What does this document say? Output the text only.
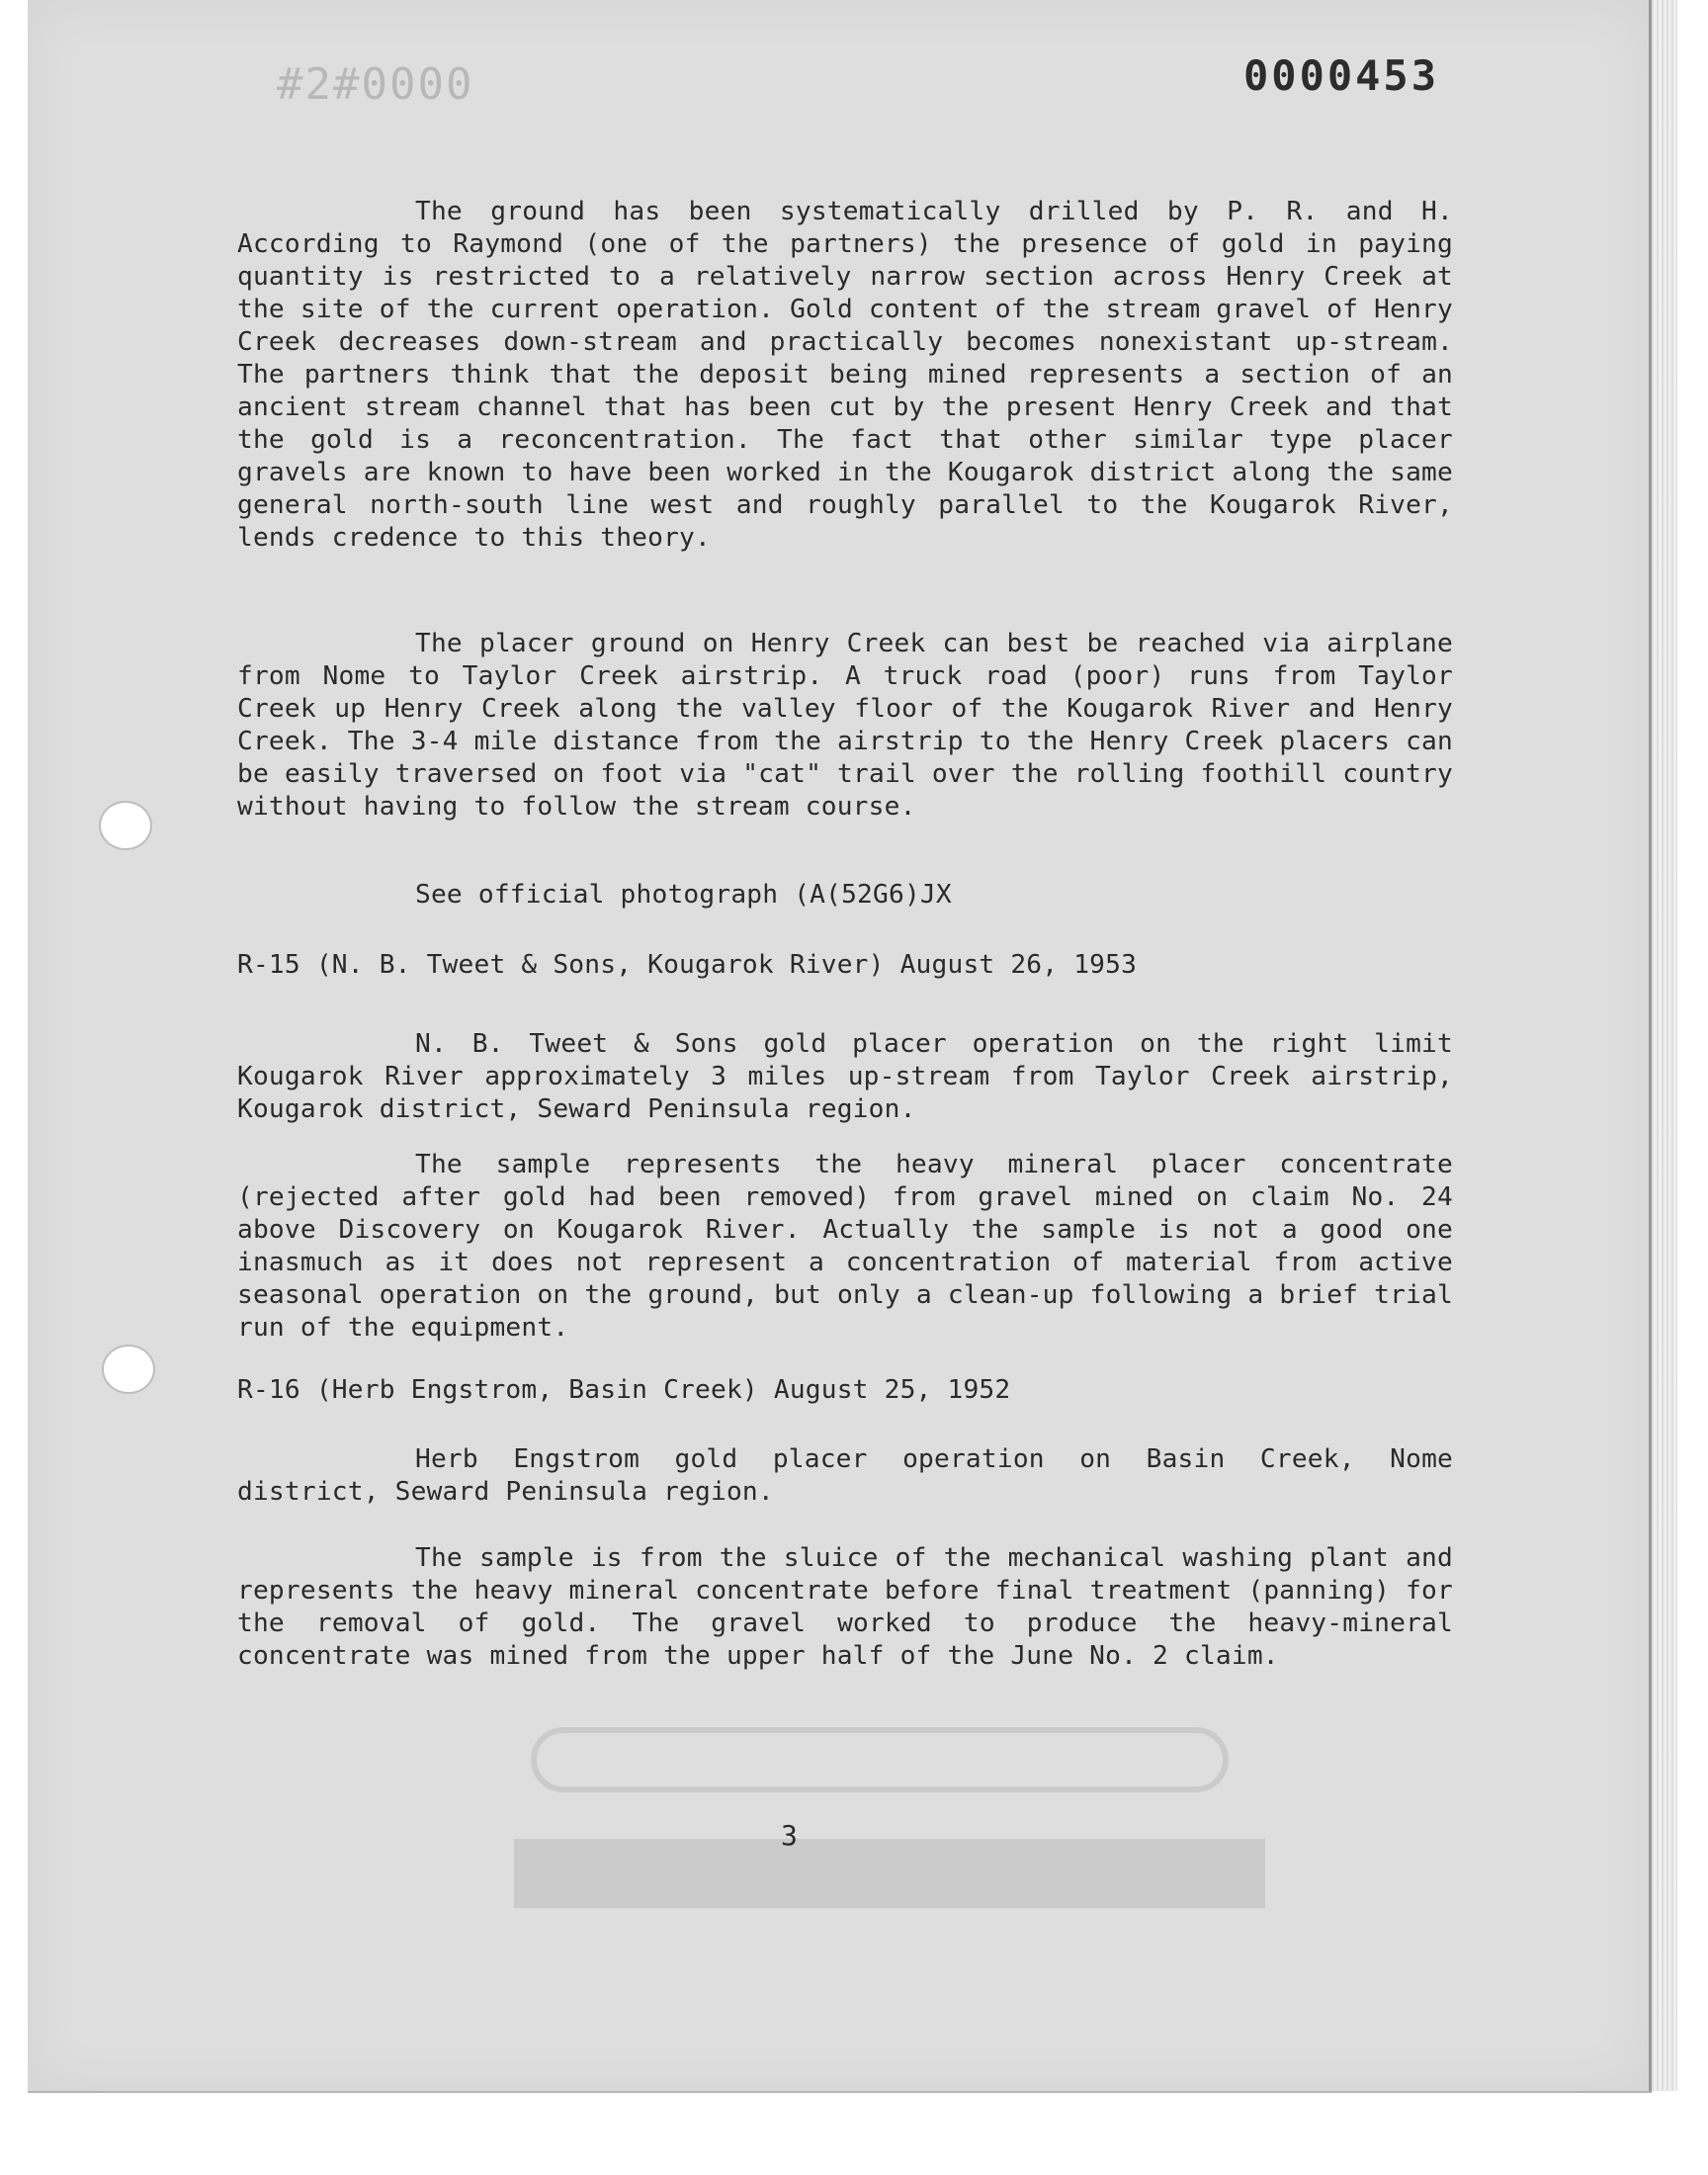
#2#0000	0000453

The ground has been systematically drilled by P. R. and H. According to Raymond (one of the partners) the presence of gold in paying quantity is restricted to a relatively narrow section across Henry Creek at the site of the current operation. Gold content of the stream gravel of Henry Creek decreases down-stream and practically becomes nonexistant up-stream. The partners think that the deposit being mined represents a section of an ancient stream channel that has been cut by the present Henry Creek and that the gold is a reconcentration. The fact that other similar type placer gravels are known to have been worked in the Kougarok district along the same general north-south line west and roughly parallel to the Kougarok River, lends credence to this theory.

The placer ground on Henry Creek can best be reached via airplane from Nome to Taylor Creek airstrip. A truck road (poor) runs from Taylor Creek up Henry Creek along the valley floor of the Kougarok River and Henry Creek. The 3-4 mile distance from the airstrip to the Henry Creek placers can be easily traversed on foot via "cat" trail over the rolling foothill country without having to follow the stream course.

See official photograph (A(52G6)JX

R-15 (N. B. Tweet & Sons, Kougarok River) August 26, 1953

N. B. Tweet & Sons gold placer operation on the right limit Kougarok River approximately 3 miles up-stream from Taylor Creek airstrip, Kougarok district, Seward Peninsula region.

The sample represents the heavy mineral placer concentrate (rejected after gold had been removed) from gravel mined on claim No. 24 above Discovery on Kougarok River. Actually the sample is not a good one inasmuch as it does not represent a concentration of material from active seasonal operation on the ground, but only a clean-up following a brief trial run of the equipment.

R-16 (Herb Engstrom, Basin Creek) August 25, 1952

Herb Engstrom gold placer operation on Basin Creek, Nome district, Seward Peninsula region.

The sample is from the sluice of the mechanical washing plant and represents the heavy mineral concentrate before final treatment (panning) for the removal of gold. The gravel worked to produce the heavy-mineral concentrate was mined from the upper half of the June No. 2 claim.

3
